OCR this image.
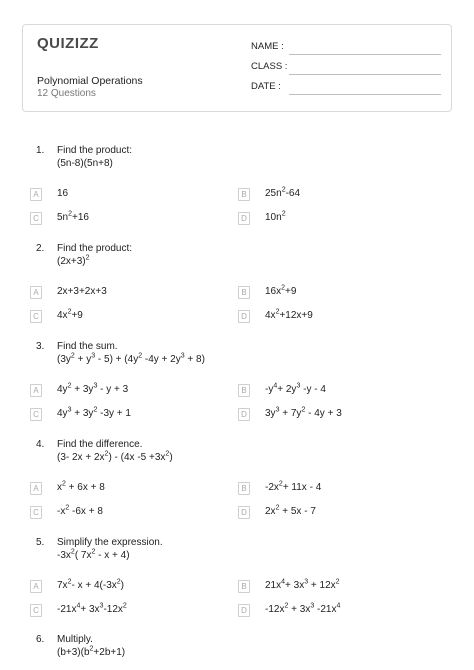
QUIZIZZ
Polynomial Operations
12 Questions
NAME :
CLASS :
DATE :
1. Find the product:
(5n-8)(5n+8)
A	16	B	$25n^2-64$
C	$5n^2+16$	D	$10n^2$
2. Find the product:
$(2x+3)^2$
A	2x+3+2x+3	B	$16x^2+9$
C	$4x^2+9$	D	$4x^2+12x+9$
3. Find the sum.
$(3y^2 + y^3 - 5) + (4y^2$ $-4y + 2y^3 + 8$)
A	$4y^2 + 3y^3 - y + 3$	B	$-y^4+ 2y^3$ -y - 4
C	$4y^3 + 3y^2$ -3y + 1	D	$3y^3 + 7y^2 - 4y + 3$
4. Find the difference.
(3- $2x + 2x^2) - (4x$ $-5 +3x^2$)
A	$x^2 + 6x + 8$	B	$-2x^2+ 11x - 4$
C	$-x^2$ -6x + 8	D	$2x^2 + 5x - 7$
5. Simplify the expression.
$-3x^2$( $7x^2 - x + 4$)
A	$7x^2-$ $x + 4(-3x^2)$	B	$21x^4+ 3x^3 + 12x^2$
C	$-21x^4+ 3x^3-12x^2$	D	$-12x^2 + 3x^3$ $-21x^4$
6. Multiply.
$(b+3)(b^2+2b+1)$
